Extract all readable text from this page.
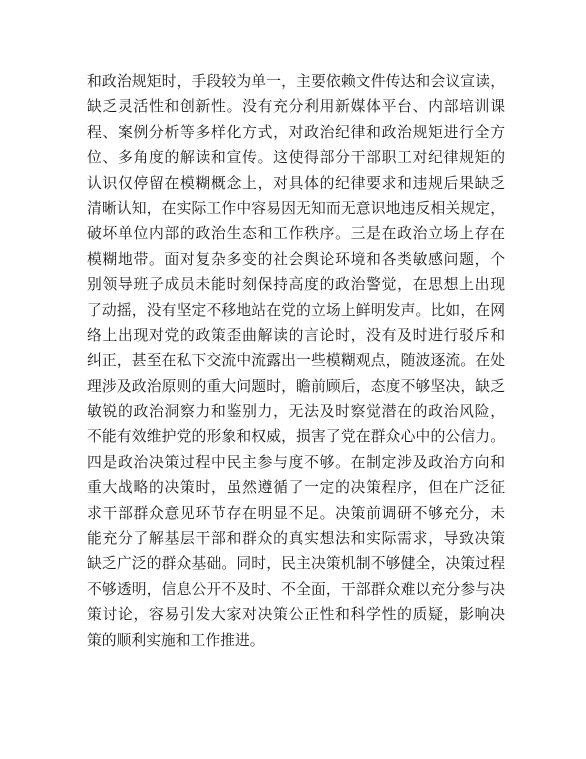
和政治规矩时，手段较为单一，主要依赖文件传达和会议宣读，
缺乏灵活性和创新性。没有充分利用新媒体平台、内部培训课
程、案例分析等多样化方式，对政治纪律和政治规矩进行全方
位、多角度的解读和宣传。这使得部分干部职工对纪律规矩的
认识仅停留在模糊概念上，对具体的纪律要求和违规后果缺乏
清晰认知，在实际工作中容易因无知而无意识地违反相关规定，
破坏单位内部的政治生态和工作秩序。三是在政治立场上存在
模糊地带。面对复杂多变的社会舆论环境和各类敏感问题，个
别领导班子成员未能时刻保持高度的政治警觉，在思想上出现
了动摇，没有坚定不移地站在党的立场上鲜明发声。比如，在网
络上出现对党的政策歪曲解读的言论时，没有及时进行驳斥和
纠正，甚至在私下交流中流露出一些模糊观点，随波逐流。在处
理涉及政治原则的重大问题时，瞻前顾后，态度不够坚决，缺乏
敏锐的政治洞察力和鉴别力，无法及时察觉潜在的政治风险，
不能有效维护党的形象和权威，损害了党在群众心中的公信力。
四是政治决策过程中民主参与度不够。在制定涉及政治方向和
重大战略的决策时，虽然遵循了一定的决策程序，但在广泛征
求干部群众意见环节存在明显不足。决策前调研不够充分，未
能充分了解基层干部和群众的真实想法和实际需求，导致决策
缺乏广泛的群众基础。同时，民主决策机制不够健全，决策过程
不够透明，信息公开不及时、不全面，干部群众难以充分参与决
策讨论，容易引发大家对决策公正性和科学性的质疑，影响决
策的顺利实施和工作推进。
